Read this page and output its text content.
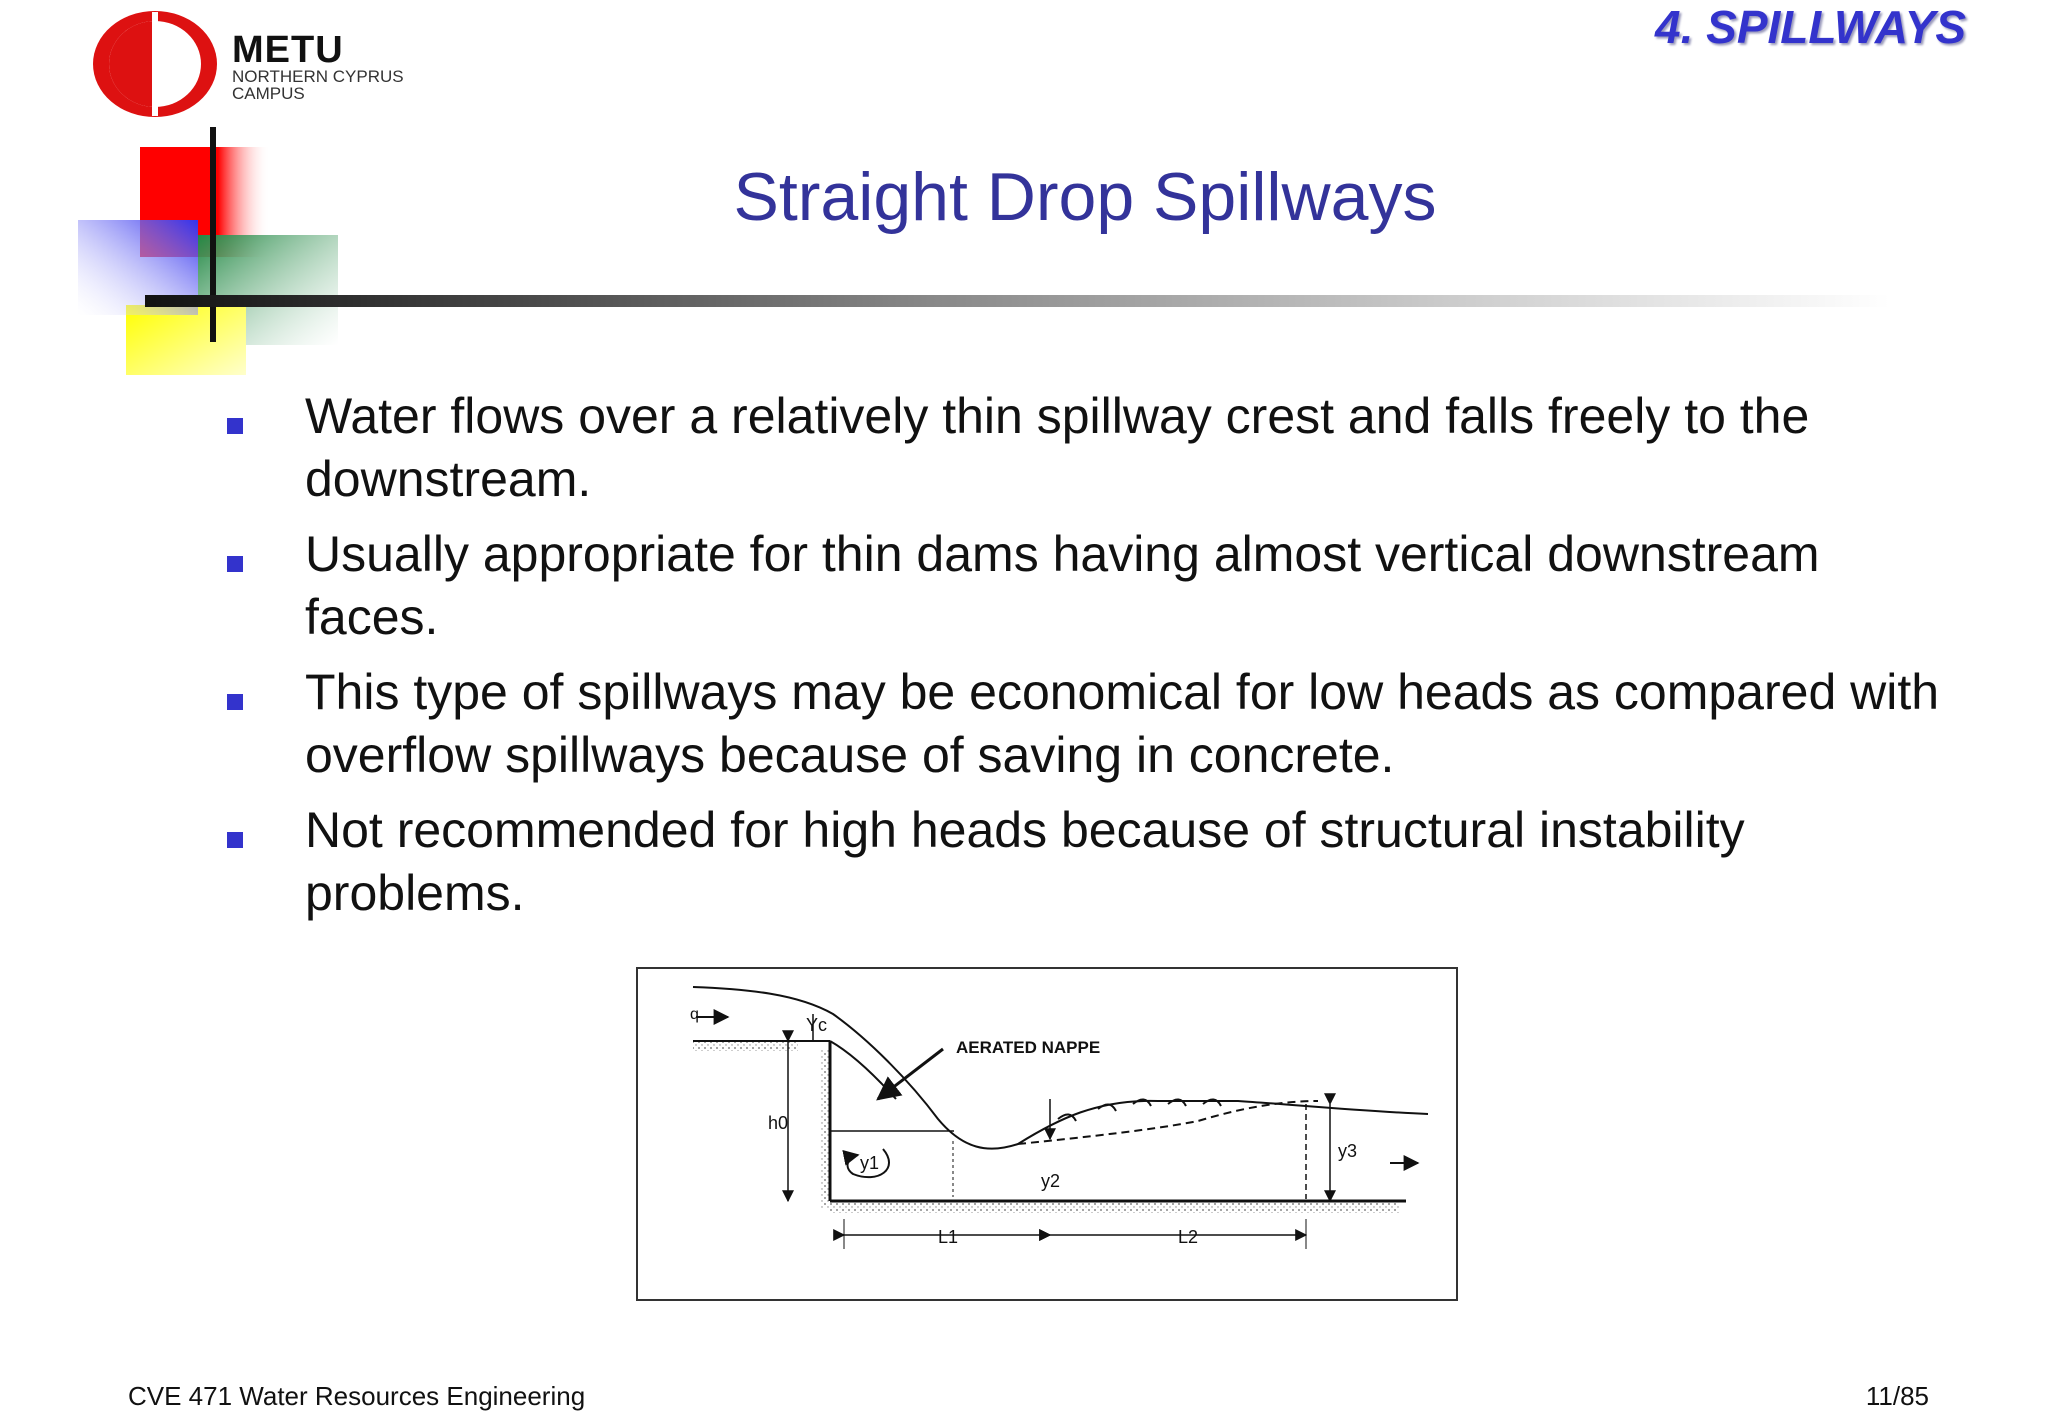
METU
NORTHERN CYPRUS
CAMPUS
4. SPILLWAYS
Straight Drop Spillways
Water flows over a relatively thin spillway crest and falls freely to the downstream.
Usually appropriate for thin dams having almost vertical downstream faces.
This type of spillways may be economical for low heads as compared with overflow spillways because of saving in concrete.
Not recommended for high heads because of structural instability problems.
AERATED NAPPE
q
Yc
h0
y1
y2
y3
L1	L2
CVE 471 Water Resources Engineering	11/85
